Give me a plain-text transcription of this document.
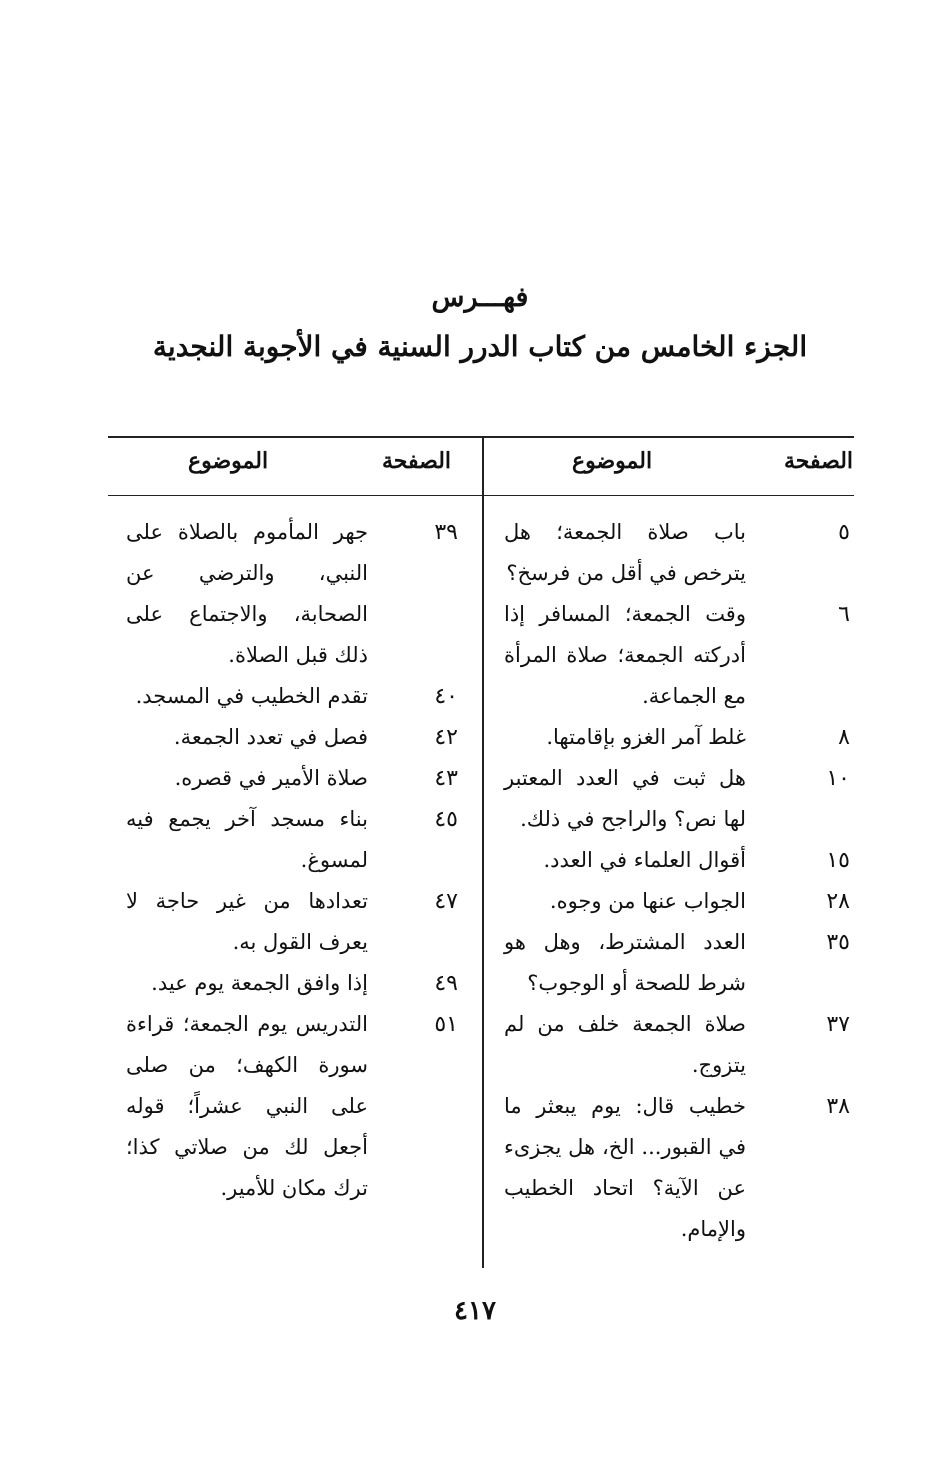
فهـــرس
الجزء الخامس من كتاب الدرر السنية في الأجوبة النجدية
الصفحة
الموضوع
الصفحة
الموضوع
٥
باب صلاة الجمعة؛ هل يترخص في أقل من فرسخ؟
٦
وقت الجمعة؛ المسافر إذا أدركته الجمعة؛ صلاة المرأة مع الجماعة.
٨
غلط آمر الغزو بإقامتها.
١٠
هل ثبت في العدد المعتبر لها نص؟ والراجح في ذلك.
١٥
أقوال العلماء في العدد.
٢٨
الجواب عنها من وجوه.
٣٥
العدد المشترط، وهل هو شرط للصحة أو الوجوب؟
٣٧
صلاة الجمعة خلف من لم يتزوج.
٣٨
خطيب قال: يوم يبعثر ما في القبور... الخ، هل يجزىء عن الآية؟ اتحاد الخطيب والإمام.
٣٩
جهر المأموم بالصلاة على النبي، والترضي عن الصحابة، والاجتماع على ذلك قبل الصلاة.
٤٠
تقدم الخطيب في المسجد.
٤٢
فصل في تعدد الجمعة.
٤٣
صلاة الأمير في قصره.
٤٥
بناء مسجد آخر يجمع فيه لمسوغ.
٤٧
تعدادها من غير حاجة لا يعرف القول به.
٤٩
إذا وافق الجمعة يوم عيد.
٥١
التدريس يوم الجمعة؛ قراءة سورة الكهف؛ من صلى على النبي عشراً؛ قوله أجعل لك من صلاتي كذا؛ ترك مكان للأمير.
٤١٧
